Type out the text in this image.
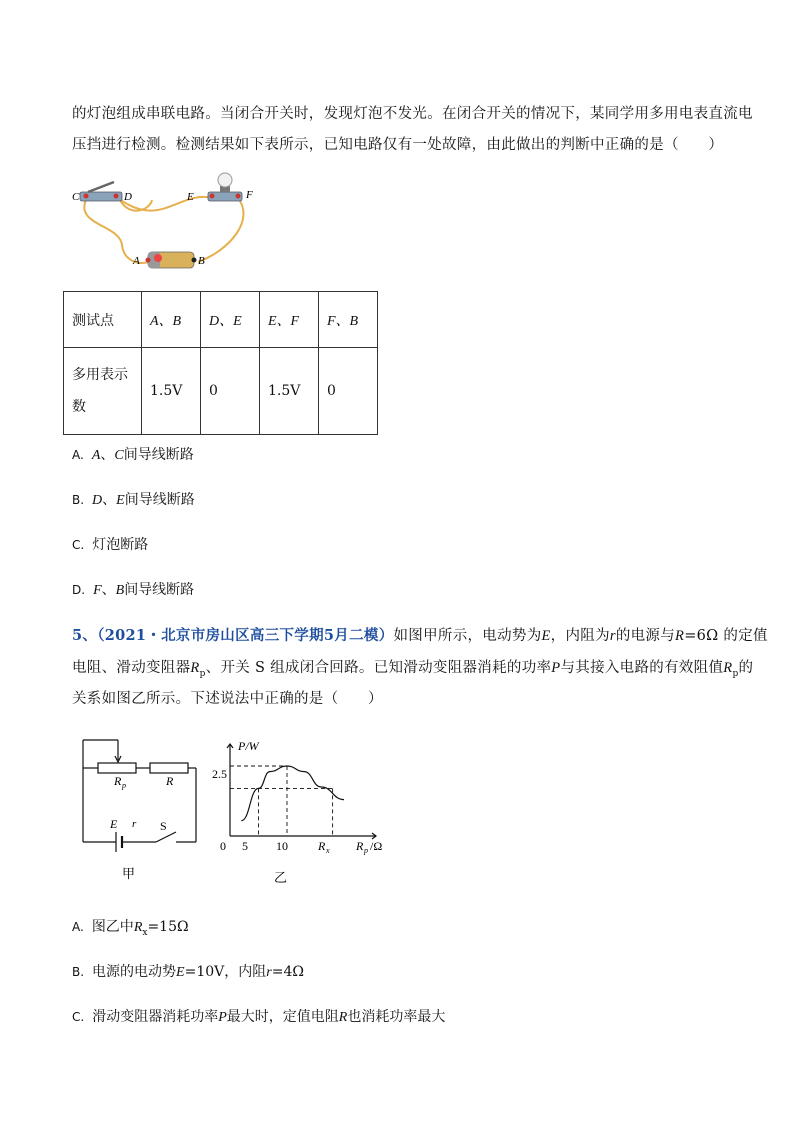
的灯泡组成串联电路。当闭合开关时，发现灯泡不发光。在闭合开关的情况下，某同学用多用电表直流电
压挡进行检测。检测结果如下表所示，已知电路仅有一处故障，由此做出的判断中正确的是（　　）
C	D	E	F
A	B
测试点	A、B	D、E	E、F	F、B
多用表示
数	1.5V	0	1.5V	0
A. A、C间导线断路
B. D、E间导线断路
C. 灯泡断路
D. F、B间导线断路
5、（2021・北京市房山区高三下学期5月二模）如图甲所示，电动势为E，内阻为r的电源与R=6Ω 的定值
电阻、滑动变阻器$R_p$、开关 S 组成闭合回路。已知滑动变阻器消耗的功率P与其接入电路的有效阻值$R_p$的
关系如图乙所示。下述说法中正确的是（　　）
R p	R
E r S
甲
P/W
2.5
0 5 10	R x R p /Ω
乙
A. 图乙中$R_x=15\Omega$
B. 电源的电动势E=10V，内阻r=4Ω
C. 滑动变阻器消耗功率P最大时，定值电阻R也消耗功率最大
